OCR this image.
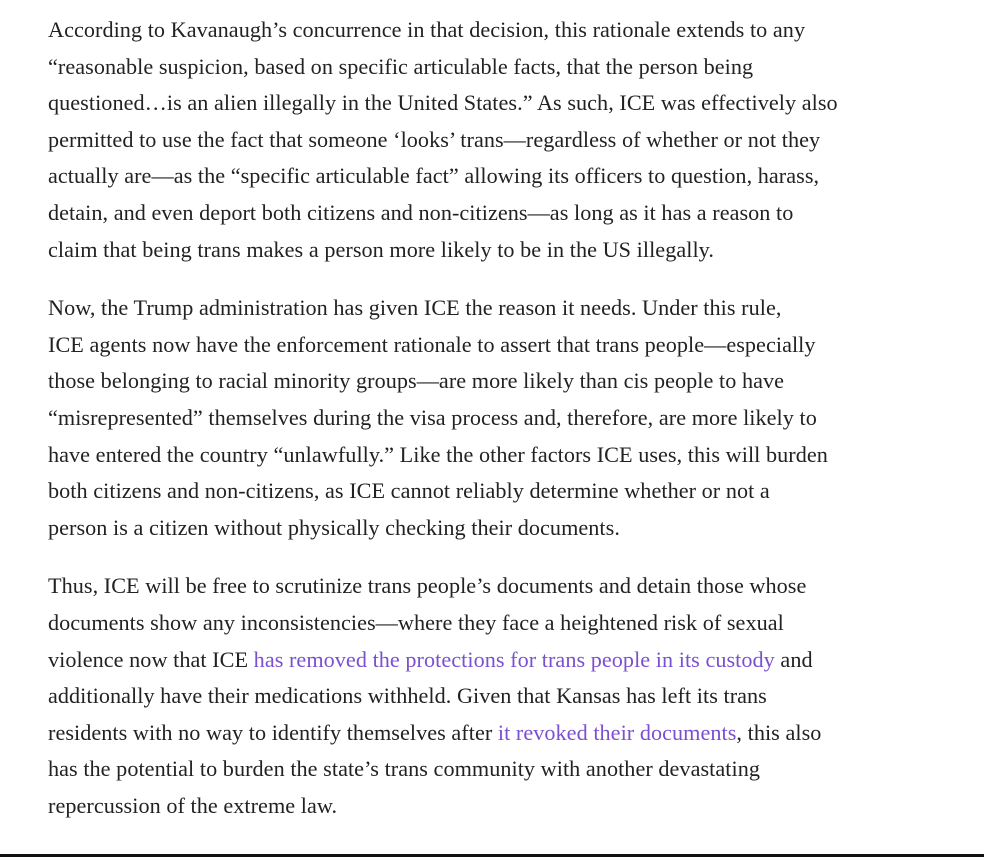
According to Kavanaugh’s concurrence in that decision, this rationale extends to any
“reasonable suspicion, based on specific articulable facts, that the person being
questioned…is an alien illegally in the United States.” As such, ICE was effectively also
permitted to use the fact that someone ‘looks’ trans—regardless of whether or not they
actually are—as the “specific articulable fact” allowing its officers to question, harass,
detain, and even deport both citizens and non-citizens—as long as it has a reason to
claim that being trans makes a person more likely to be in the US illegally.

Now, the Trump administration has given ICE the reason it needs. Under this rule,
ICE agents now have the enforcement rationale to assert that trans people—especially
those belonging to racial minority groups—are more likely than cis people to have
“misrepresented” themselves during the visa process and, therefore, are more likely to
have entered the country “unlawfully.” Like the other factors ICE uses, this will burden
both citizens and non-citizens, as ICE cannot reliably determine whether or not a
person is a citizen without physically checking their documents.

Thus, ICE will be free to scrutinize trans people’s documents and detain those whose
documents show any inconsistencies—where they face a heightened risk of sexual
violence now that ICE has removed the protections for trans people in its custody and
additionally have their medications withheld. Given that Kansas has left its trans
residents with no way to identify themselves after it revoked their documents, this also
has the potential to burden the state’s trans community with another devastating
repercussion of the extreme law.
